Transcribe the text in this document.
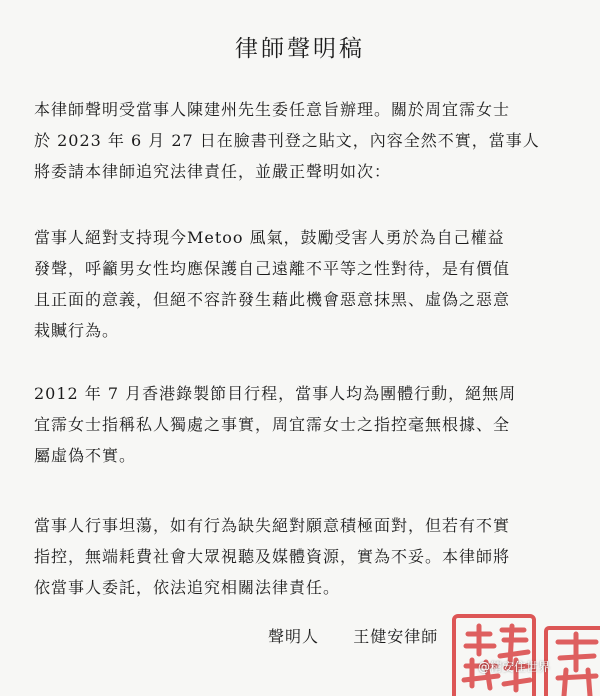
律師聲明稿
本律師聲明受當事人陳建州先生委任意旨辦理。關於周宜霈女士
於 2023 年 6 月 27 日在臉書刊登之貼文，內容全然不實，當事人
將委請本律師追究法律責任，並嚴正聲明如次：
當事人絕對支持現今Metoo 風氣，鼓勵受害人勇於為自己權益
發聲，呼籲男女性均應保護自己遠離不平等之性對待，是有價值
且正面的意義，但絕不容許發生藉此機會惡意抹黑、虛偽之惡意
栽贓行為。
2012 年 7 月香港錄製節目行程，當事人均為團體行動，絕無周
宜霈女士指稱私人獨處之事實，周宜霈女士之指控毫無根據、全
屬虛偽不實。
當事人行事坦蕩，如有行為缺失絕對願意積極面對，但若有不實
指控，無端耗費社會大眾視聽及媒體資源，實為不妥。本律師將
依當事人委託，依法追究相關法律責任。
聲明人 王健安律師
@精安住世界
